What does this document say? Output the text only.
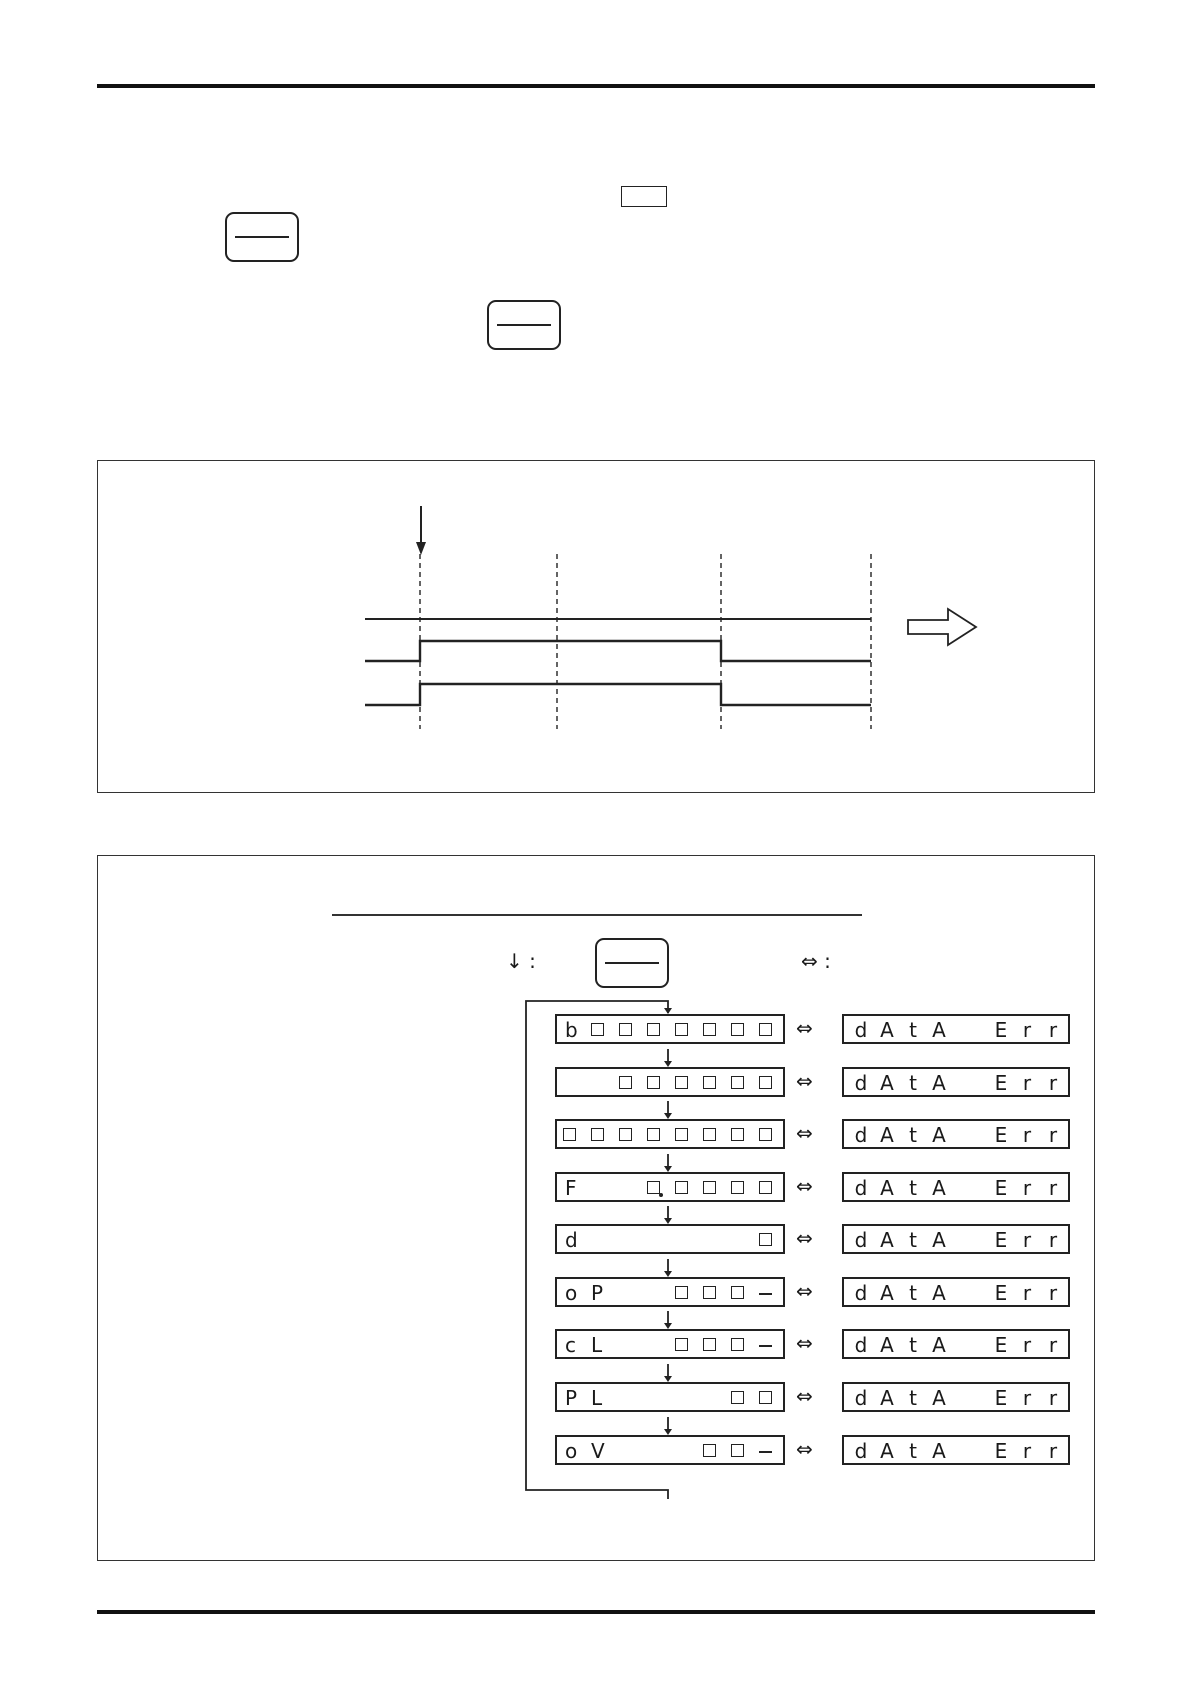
↓ :	⇔ :
b	⇔ d A t A E r r
⇔ d A t A E r r
⇔ d A t A E r r
F	⇔ d A t A E r r
d	⇔ d A t A E r r
o P	⇔ d A t A E r r
c L	⇔ d A t A E r r
P L	⇔ d A t A E r r
o V	⇔ d A t A E r r
